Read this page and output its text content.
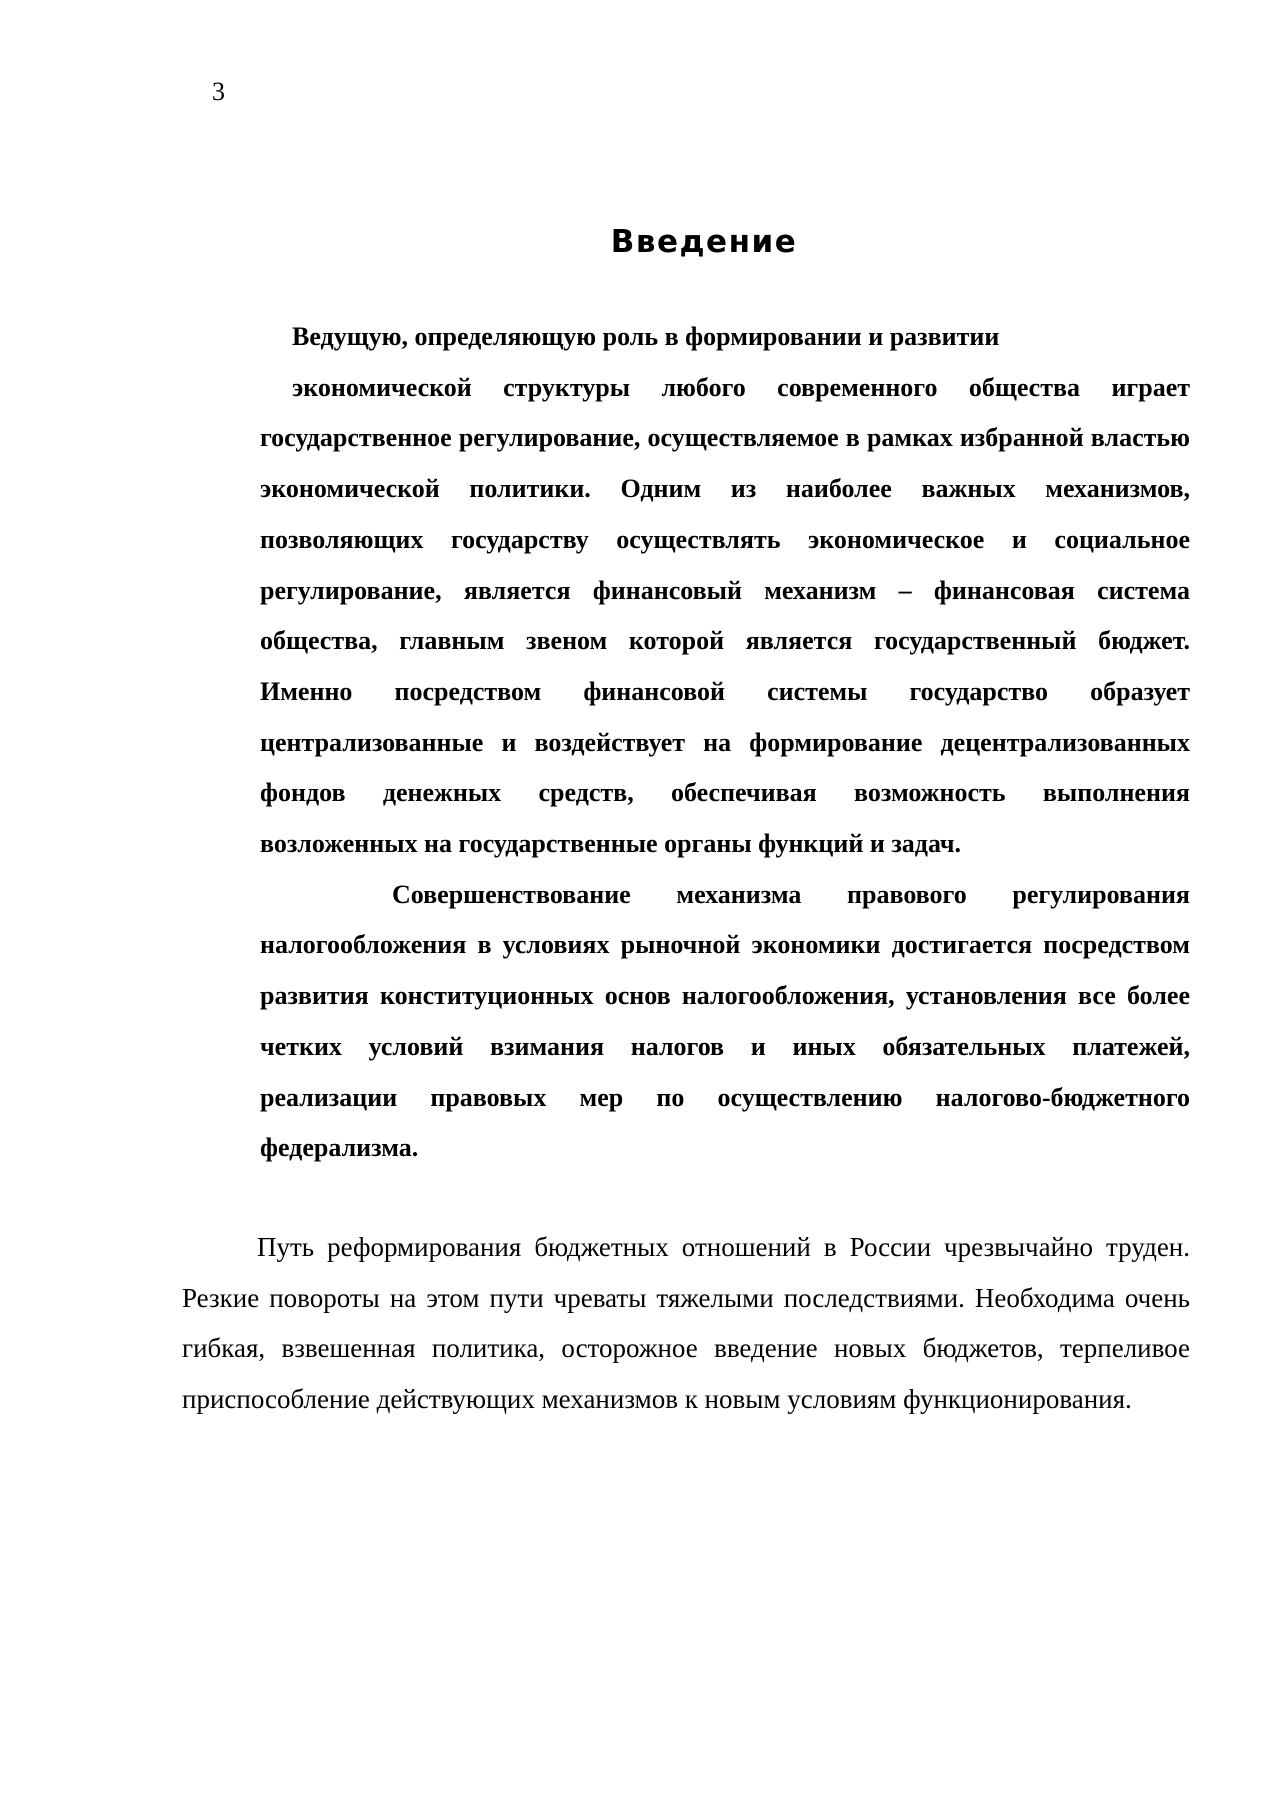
3
Введение

Ведущую, определяющую роль в формировании и развитии

экономической структуры любого современного общества играет государственное регулирование, осуществляемое в рамках избранной властью экономической политики. Одним из наиболее важных механизмов, позволяющих государству осуществлять экономическое и социальное регулирование, является финансовый механизм – финансовая система общества, главным звеном которой является государственный бюджет. Именно посредством финансовой системы государство образует централизованные и воздействует на формирование децентрализованных фондов денежных средств, обеспечивая возможность выполнения возложенных на государственные органы функций и задач.

Совершенствование механизма правового регулирования налогообложения в условиях рыночной экономики достигается посредством развития конституционных основ налогообложения, установления все более четких условий взимания налогов и иных обязательных платежей, реализации правовых мер по осуществлению налогово-бюджетного федерализма.

Путь реформирования бюджетных отношений в России чрезвычайно труден. Резкие повороты на этом пути чреваты тяжелыми последствиями. Необходима очень гибкая, взвешенная политика, осторожное введение новых бюджетов, терпеливое приспособление действующих механизмов к новым условиям функционирования.
